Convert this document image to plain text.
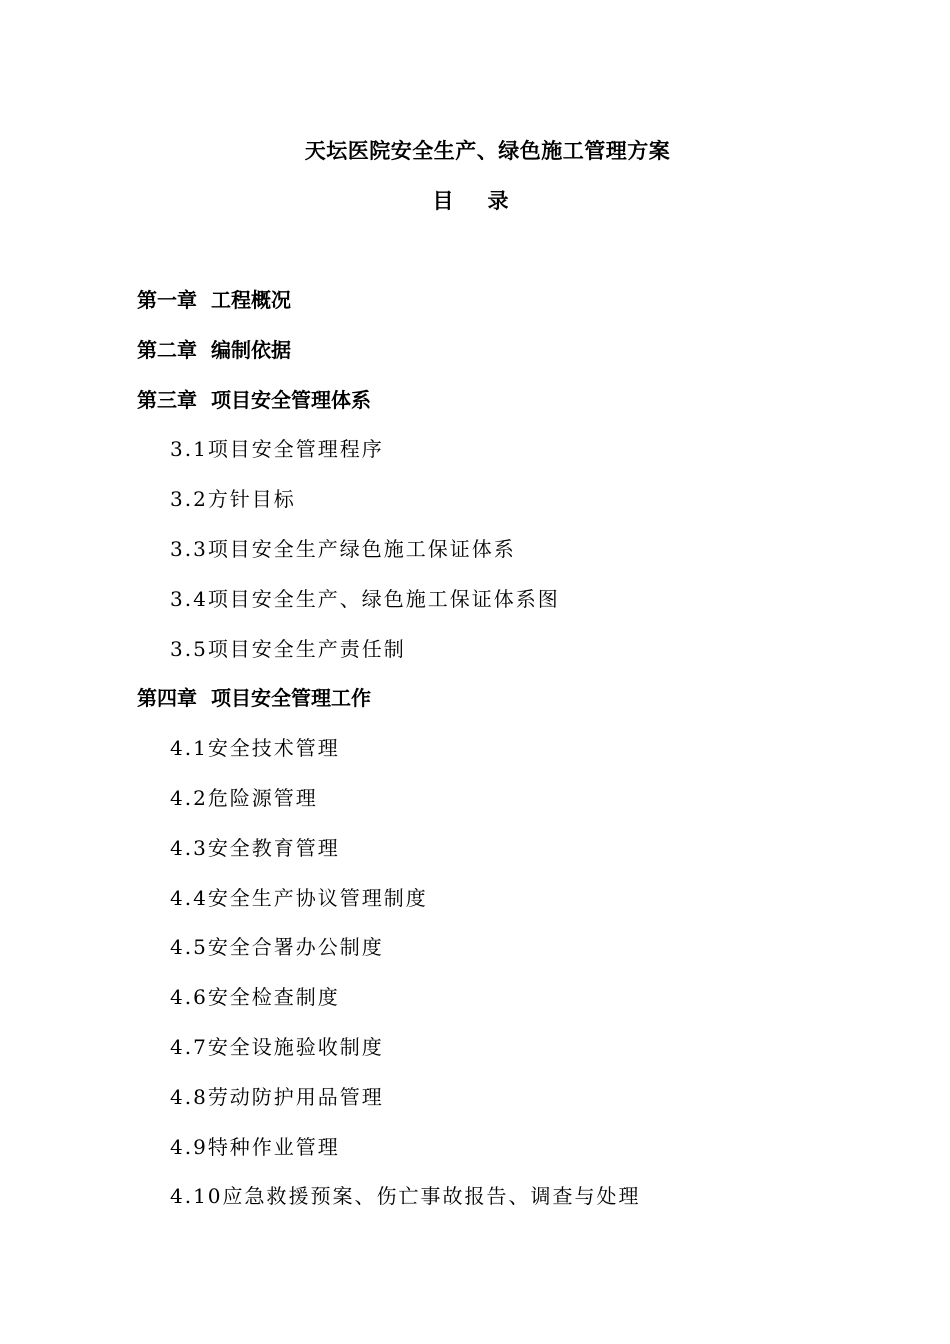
天坛医院安全生产、绿色施工管理方案
目录
第一章 工程概况
第二章 编制依据
第三章 项目安全管理体系
3.1项目安全管理程序
3.2方针目标
3.3项目安全生产绿色施工保证体系
3.4项目安全生产、绿色施工保证体系图
3.5项目安全生产责任制
第四章 项目安全管理工作
4.1安全技术管理
4.2危险源管理
4.3安全教育管理
4.4安全生产协议管理制度
4.5安全合署办公制度
4.6安全检查制度
4.7安全设施验收制度
4.8劳动防护用品管理
4.9特种作业管理
4.10应急救援预案、伤亡事故报告、调查与处理
